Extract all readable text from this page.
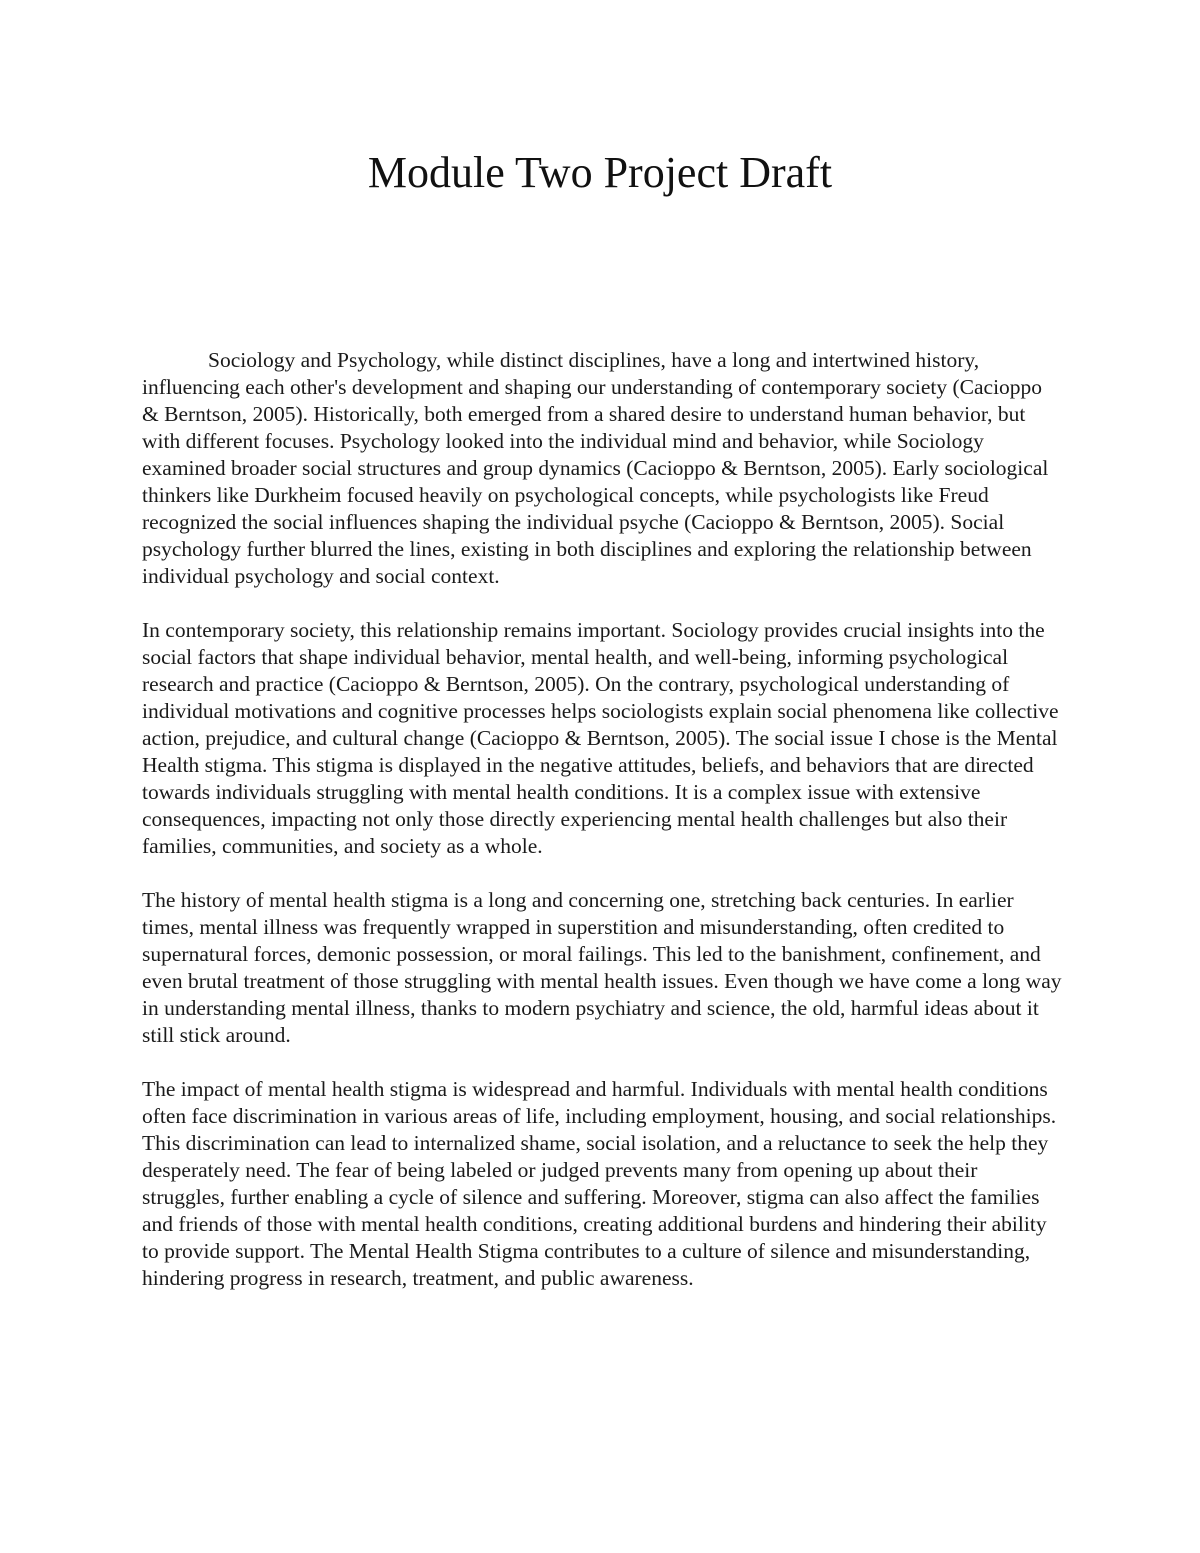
Module Two Project Draft

Sociology and Psychology, while distinct disciplines, have a long and intertwined history, influencing each other's development and shaping our understanding of contemporary society (Cacioppo & Berntson, 2005). Historically, both emerged from a shared desire to understand human behavior, but with different focuses. Psychology looked into the individual mind and behavior, while Sociology examined broader social structures and group dynamics (Cacioppo & Berntson, 2005). Early sociological thinkers like Durkheim focused heavily on psychological concepts, while psychologists like Freud recognized the social influences shaping the individual psyche (Cacioppo & Berntson, 2005). Social psychology further blurred the lines, existing in both disciplines and exploring the relationship between individual psychology and social context.

In contemporary society, this relationship remains important. Sociology provides crucial insights into the social factors that shape individual behavior, mental health, and well-being, informing psychological research and practice (Cacioppo & Berntson, 2005). On the contrary, psychological understanding of individual motivations and cognitive processes helps sociologists explain social phenomena like collective action, prejudice, and cultural change (Cacioppo & Berntson, 2005). The social issue I chose is the Mental Health stigma. This stigma is displayed in the negative attitudes, beliefs, and behaviors that are directed towards individuals struggling with mental health conditions. It is a complex issue with extensive consequences, impacting not only those directly experiencing mental health challenges but also their families, communities, and society as a whole.

The history of mental health stigma is a long and concerning one, stretching back centuries. In earlier times, mental illness was frequently wrapped in superstition and misunderstanding, often credited to supernatural forces, demonic possession, or moral failings. This led to the banishment, confinement, and even brutal treatment of those struggling with mental health issues. Even though we have come a long way in understanding mental illness, thanks to modern psychiatry and science, the old, harmful ideas about it still stick around.

The impact of mental health stigma is widespread and harmful. Individuals with mental health conditions often face discrimination in various areas of life, including employment, housing, and social relationships. This discrimination can lead to internalized shame, social isolation, and a reluctance to seek the help they desperately need. The fear of being labeled or judged prevents many from opening up about their struggles, further enabling a cycle of silence and suffering. Moreover, stigma can also affect the families and friends of those with mental health conditions, creating additional burdens and hindering their ability to provide support. The Mental Health Stigma contributes to a culture of silence and misunderstanding, hindering progress in research, treatment, and public awareness.
